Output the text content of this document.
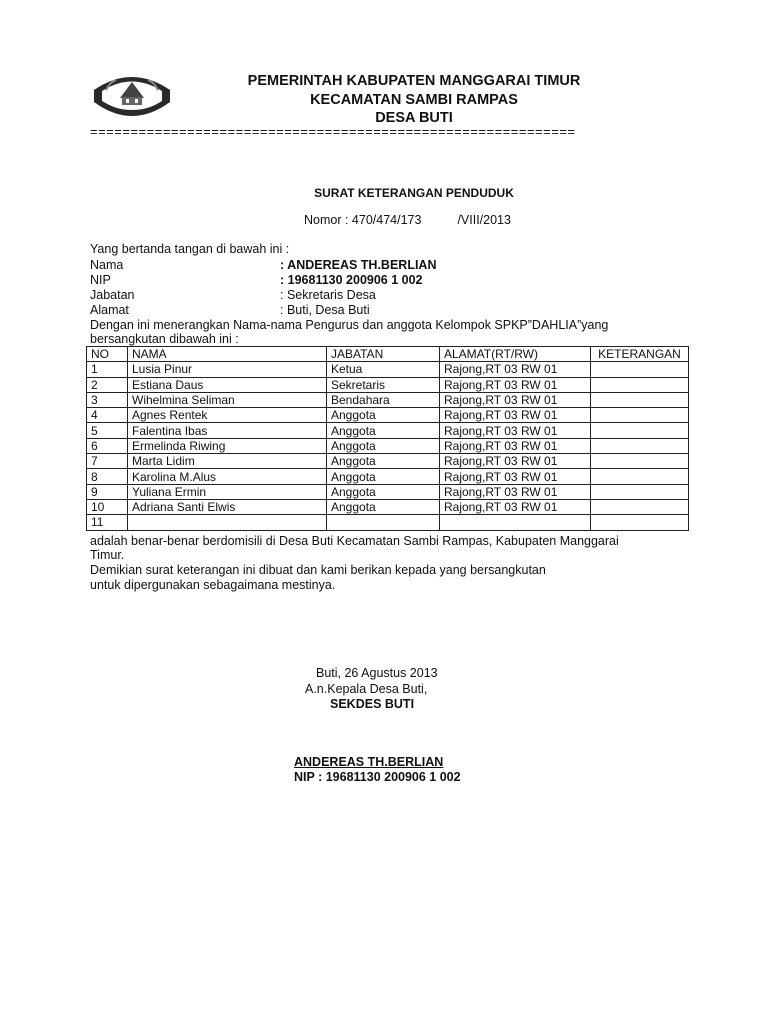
PEMERINTAH KABUPATEN MANGGARAI TIMUR
KECAMATAN SAMBI RAMPAS
DESA BUTI
============================================================
SURAT KETERANGAN PENDUDUK
Nomor : 470/474/173	/VIII/2013
Yang bertanda tangan di bawah ini :
Nama	: ANDEREAS TH.BERLIAN
NIP	: 19681130 200906 1 002
Jabatan	: Sekretaris Desa
Alamat	: Buti, Desa Buti
Dengan ini menerangkan Nama-nama Pengurus dan anggota Kelompok SPKP”DAHLIA”yang
bersangkutan dibawah ini :
NO	NAMA	JABATAN	ALAMAT(RT/RW)	KETERANGAN
1	Lusia Pinur	Ketua	Rajong,RT 03 RW 01	
2	Estiana Daus	Sekretaris	Rajong,RT 03 RW 01	
3	Wihelmina Seliman	Bendahara	Rajong,RT 03 RW 01	
4	Agnes Rentek	Anggota	Rajong,RT 03 RW 01	
5	Falentina Ibas	Anggota	Rajong,RT 03 RW 01	
6	Ermelinda Riwing	Anggota	Rajong,RT 03 RW 01	
7	Marta Lidim	Anggota	Rajong,RT 03 RW 01	
8	Karolina M.Alus	Anggota	Rajong,RT 03 RW 01	
9	Yuliana Ermin	Anggota	Rajong,RT 03 RW 01	
10	Adriana Santi Elwis	Anggota	Rajong,RT 03 RW 01	
11				
adalah benar-benar berdomisili di Desa Buti Kecamatan Sambi Rampas, Kabupaten Manggarai
Timur.
Demikian surat keterangan ini dibuat dan kami berikan kepada yang bersangkutan
untuk dipergunakan sebagaimana mestinya.
Buti, 26 Agustus 2013
A.n.Kepala Desa Buti,
SEKDES BUTI
ANDEREAS TH.BERLIAN
NIP : 19681130 200906 1 002
